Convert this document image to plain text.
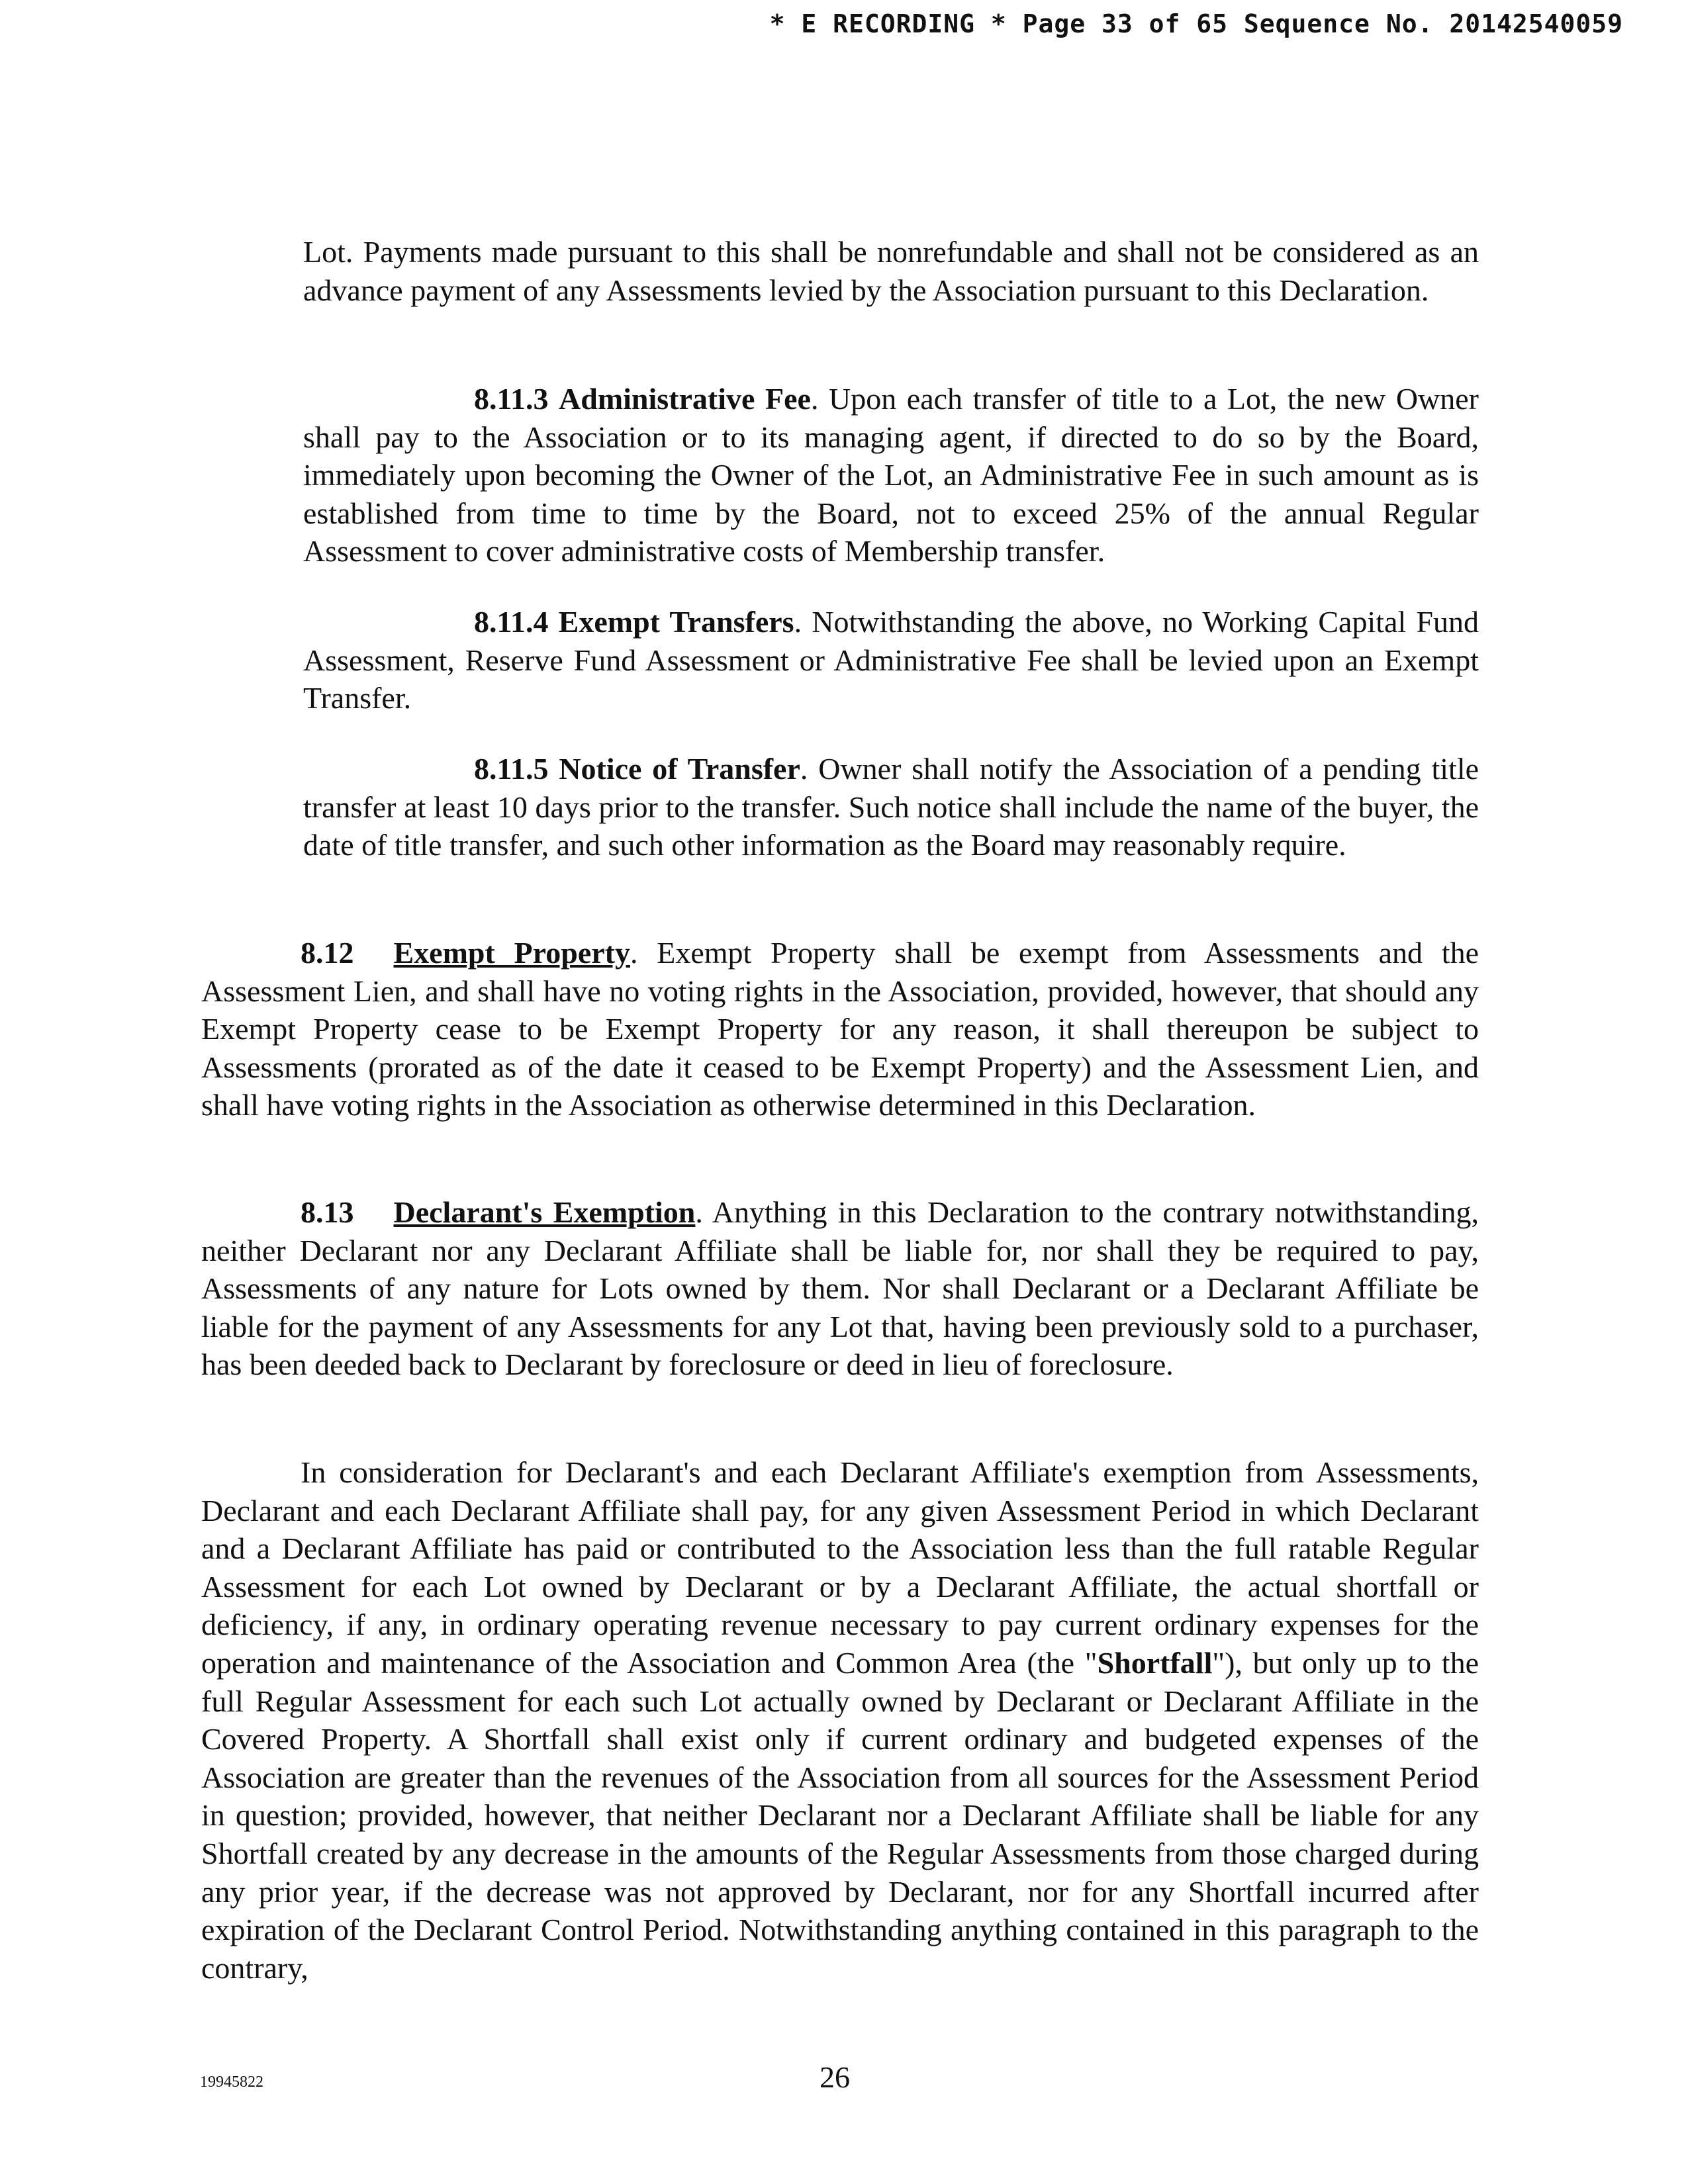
* E RECORDING * Page 33 of 65 Sequence No. 20142540059

Lot. Payments made pursuant to this shall be nonrefundable and shall not be considered as an advance payment of any Assessments levied by the Association pursuant to this Declaration.

8.11.3 Administrative Fee. Upon each transfer of title to a Lot, the new Owner shall pay to the Association or to its managing agent, if directed to do so by the Board, immediately upon becoming the Owner of the Lot, an Administrative Fee in such amount as is established from time to time by the Board, not to exceed 25% of the annual Regular Assessment to cover administrative costs of Membership transfer.

8.11.4 Exempt Transfers. Notwithstanding the above, no Working Capital Fund Assessment, Reserve Fund Assessment or Administrative Fee shall be levied upon an Exempt Transfer.

8.11.5 Notice of Transfer. Owner shall notify the Association of a pending title transfer at least 10 days prior to the transfer. Such notice shall include the name of the buyer, the date of title transfer, and such other information as the Board may reasonably require.

8.12 Exempt Property. Exempt Property shall be exempt from Assessments and the Assessment Lien, and shall have no voting rights in the Association, provided, however, that should any Exempt Property cease to be Exempt Property for any reason, it shall thereupon be subject to Assessments (prorated as of the date it ceased to be Exempt Property) and the Assessment Lien, and shall have voting rights in the Association as otherwise determined in this Declaration.

8.13 Declarant's Exemption. Anything in this Declaration to the contrary notwithstanding, neither Declarant nor any Declarant Affiliate shall be liable for, nor shall they be required to pay, Assessments of any nature for Lots owned by them. Nor shall Declarant or a Declarant Affiliate be liable for the payment of any Assessments for any Lot that, having been previously sold to a purchaser, has been deeded back to Declarant by foreclosure or deed in lieu of foreclosure.

In consideration for Declarant's and each Declarant Affiliate's exemption from Assessments, Declarant and each Declarant Affiliate shall pay, for any given Assessment Period in which Declarant and a Declarant Affiliate has paid or contributed to the Association less than the full ratable Regular Assessment for each Lot owned by Declarant or by a Declarant Affiliate, the actual shortfall or deficiency, if any, in ordinary operating revenue necessary to pay current ordinary expenses for the operation and maintenance of the Association and Common Area (the "Shortfall"), but only up to the full Regular Assessment for each such Lot actually owned by Declarant or Declarant Affiliate in the Covered Property. A Shortfall shall exist only if current ordinary and budgeted expenses of the Association are greater than the revenues of the Association from all sources for the Assessment Period in question; provided, however, that neither Declarant nor a Declarant Affiliate shall be liable for any Shortfall created by any decrease in the amounts of the Regular Assessments from those charged during any prior year, if the decrease was not approved by Declarant, nor for any Shortfall incurred after expiration of the Declarant Control Period. Notwithstanding anything contained in this paragraph to the contrary,

19945822	26
